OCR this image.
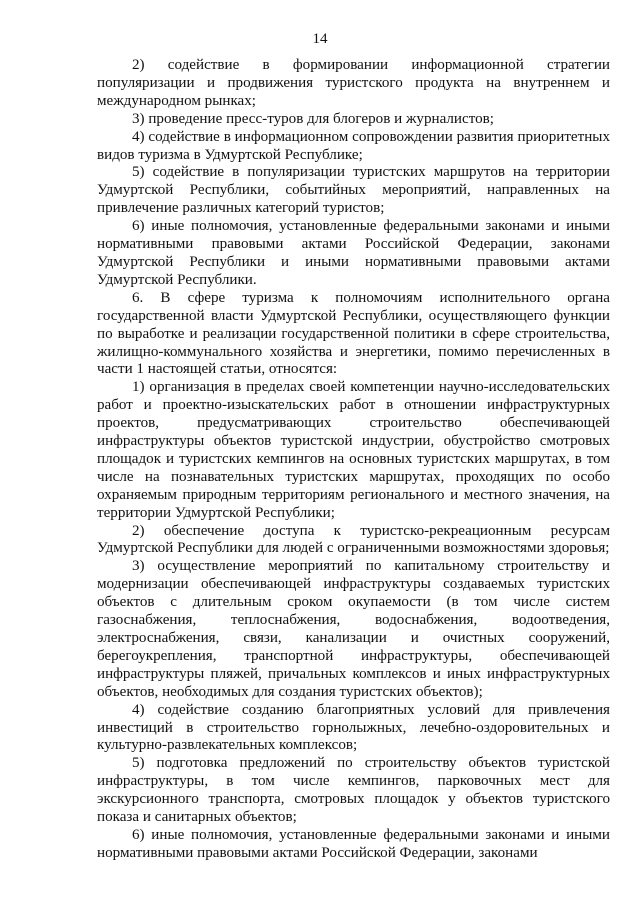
14

2) содействие в формировании информационной стратегии популяризации и продвижения туристского продукта на внутреннем и международном рынках;

3) проведение пресс-туров для блогеров и журналистов;

4) содействие в информационном сопровождении развития приоритетных видов туризма в Удмуртской Республике;

5) содействие в популяризации туристских маршрутов на территории Удмуртской Республики, событийных мероприятий, направленных на привлечение различных категорий туристов;

6) иные полномочия, установленные федеральными законами и иными нормативными правовыми актами Российской Федерации, законами Удмуртской Республики и иными нормативными правовыми актами Удмуртской Республики.

6. В сфере туризма к полномочиям исполнительного органа государственной власти Удмуртской Республики, осуществляющего функции по выработке и реализации государственной политики в сфере строительства, жилищно-коммунального хозяйства и энергетики, помимо перечисленных в части 1 настоящей статьи, относятся:

1) организация в пределах своей компетенции научно-исследовательских работ и проектно-изыскательских работ в отношении инфраструктурных проектов, предусматривающих строительство обеспечивающей инфраструктуры объектов туристской индустрии, обустройство смотровых площадок и туристских кемпингов на основных туристских маршрутах, в том числе на познавательных туристских маршрутах, проходящих по особо охраняемым природным территориям регионального и местного значения, на территории Удмуртской Республики;

2) обеспечение доступа к туристско-рекреационным ресурсам Удмуртской Республики для людей с ограниченными возможностями здоровья;

3) осуществление мероприятий по капитальному строительству и модернизации обеспечивающей инфраструктуры создаваемых туристских объектов с длительным сроком окупаемости (в том числе систем газоснабжения, теплоснабжения, водоснабжения, водоотведения, электроснабжения, связи, канализации и очистных сооружений, берегоукрепления, транспортной инфраструктуры, обеспечивающей инфраструктуры пляжей, причальных комплексов и иных инфраструктурных объектов, необходимых для создания туристских объектов);

4) содействие созданию благоприятных условий для привлечения инвестиций в строительство горнолыжных, лечебно-оздоровительных и культурно-развлекательных комплексов;

5) подготовка предложений по строительству объектов туристской инфраструктуры, в том числе кемпингов, парковочных мест для экскурсионного транспорта, смотровых площадок у объектов туристского показа и санитарных объектов;

6) иные полномочия, установленные федеральными законами и иными нормативными правовыми актами Российской Федерации, законами
